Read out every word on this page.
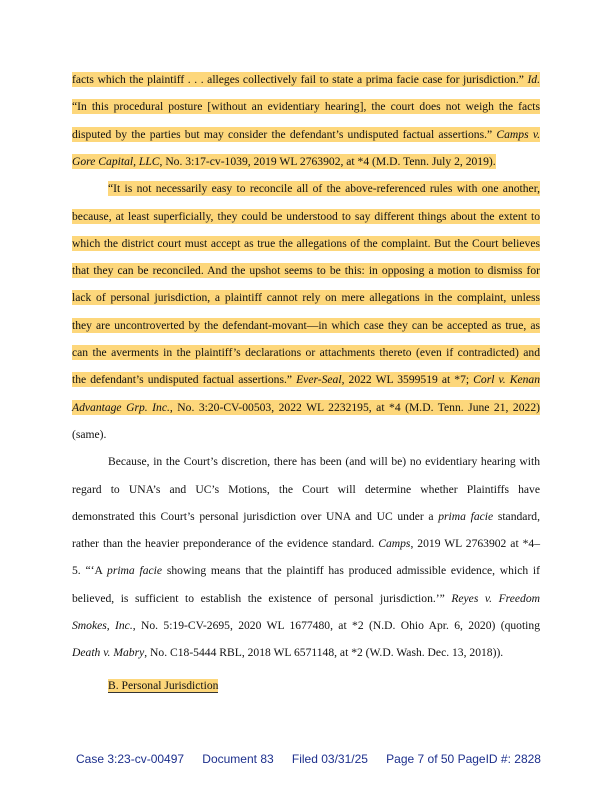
facts which the plaintiff . . . alleges collectively fail to state a prima facie case for jurisdiction.” Id.
“In this procedural posture [without an evidentiary hearing], the court does not weigh the facts
disputed by the parties but may consider the defendant’s undisputed factual assertions.” Camps v.
Gore Capital, LLC, No. 3:17-cv-1039, 2019 WL 2763902, at *4 (M.D. Tenn. July 2, 2019).
“It is not necessarily easy to reconcile all of the above-referenced rules with one another,
because, at least superficially, they could be understood to say different things about the extent to
which the district court must accept as true the allegations of the complaint. But the Court believes
that they can be reconciled. And the upshot seems to be this: in opposing a motion to dismiss for
lack of personal jurisdiction, a plaintiff cannot rely on mere allegations in the complaint, unless
they are uncontroverted by the defendant-movant—in which case they can be accepted as true, as
can the averments in the plaintiff’s declarations or attachments thereto (even if contradicted) and
the defendant’s undisputed factual assertions.” Ever-Seal, 2022 WL 3599519 at *7; Corl v. Kenan
Advantage Grp. Inc., No. 3:20-CV-00503, 2022 WL 2232195, at *4 (M.D. Tenn. June 21, 2022)
(same).
Because, in the Court’s discretion, there has been (and will be) no evidentiary hearing with
regard to UNA’s and UC’s Motions, the Court will determine whether Plaintiffs have
demonstrated this Court’s personal jurisdiction over UNA and UC under a prima facie standard,
rather than the heavier preponderance of the evidence standard. Camps, 2019 WL 2763902 at *4–
5. “‘A prima facie showing means that the plaintiff has produced admissible evidence, which if
believed, is sufficient to establish the existence of personal jurisdiction.’” Reyes v. Freedom
Smokes, Inc., No. 5:19-CV-2695, 2020 WL 1677480, at *2 (N.D. Ohio Apr. 6, 2020) (quoting
Death v. Mabry, No. C18-5444 RBL, 2018 WL 6571148, at *2 (W.D. Wash. Dec. 13, 2018)).
B. Personal Jurisdiction
Case 3:23-cv-00497 Document 83 Filed 03/31/25 Page 7 of 50 PageID #: 2828
